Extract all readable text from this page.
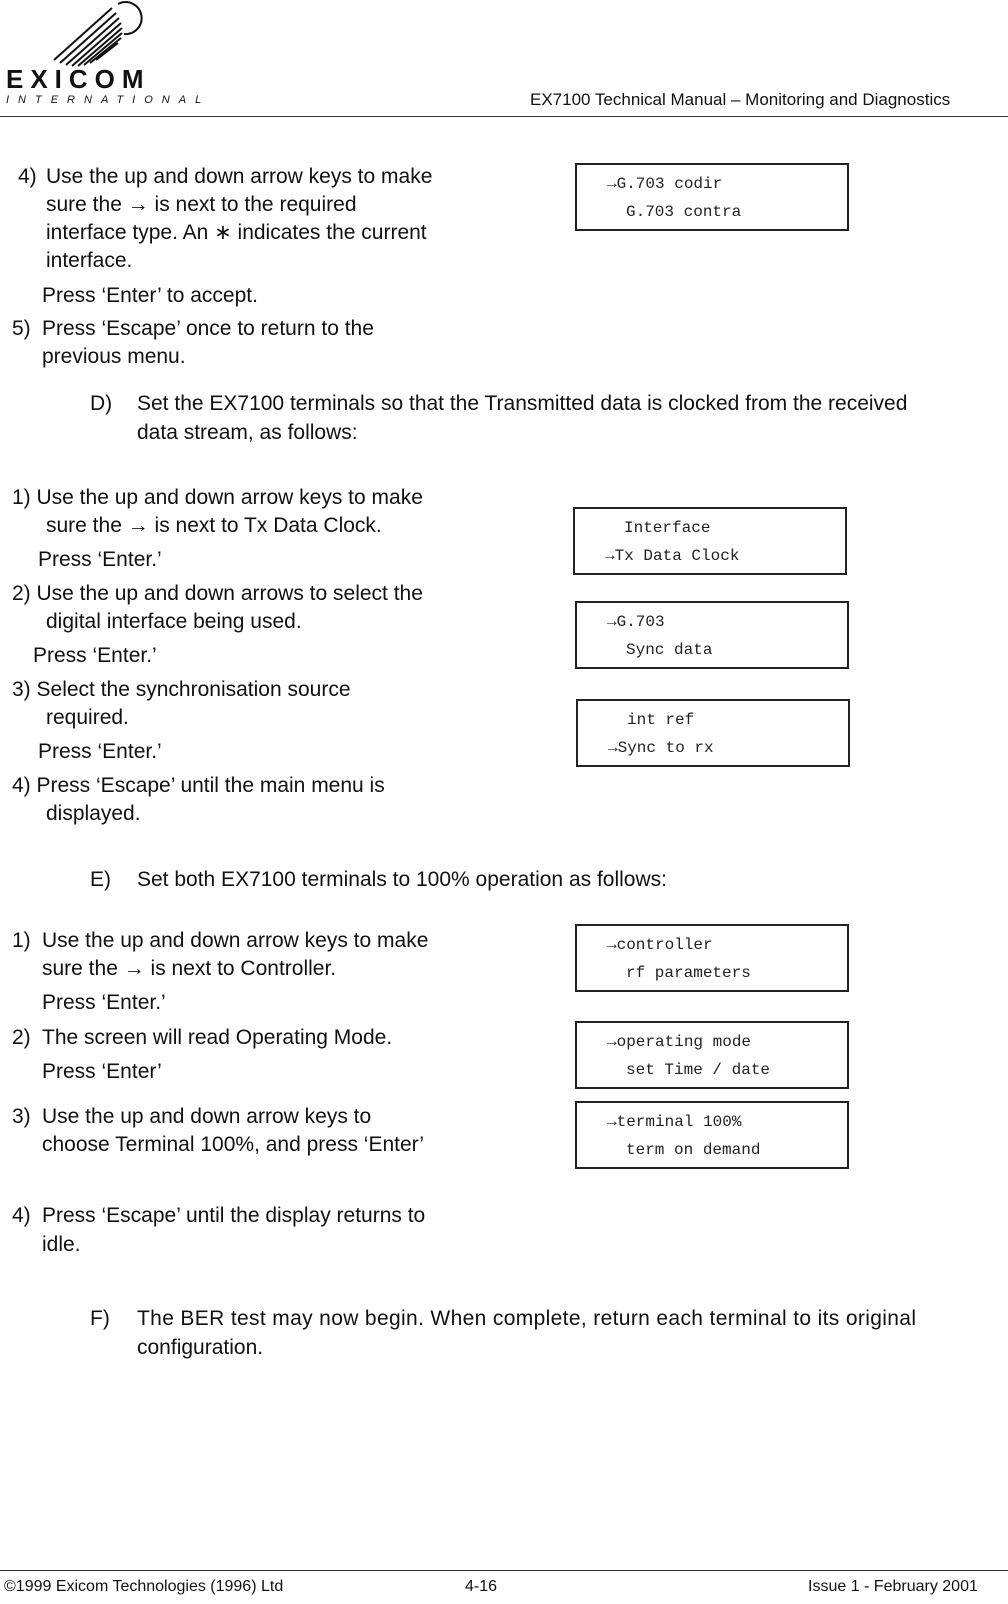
EXICOM
INTERNATIONAL	EX7100 Technical Manual – Monitoring and Diagnostics
4) Use the up and down arrow keys to make
sure the → is next to the required
interface type. An ∗ indicates the current
interface.
Press ‘Enter’ to accept.
5) Press ‘Escape’ once to return to the
previous menu.
→G.703 codir
G.703 contra
D) Set the EX7100 terminals so that the Transmitted data is clocked from the received
data stream, as follows:
1) Use the up and down arrow keys to make
sure the → is next to Tx Data Clock.
Press ‘Enter.’
2) Use the up and down arrows to select the
digital interface being used.
Press ‘Enter.’
3) Select the synchronisation source
required.
Press ‘Enter.’
4) Press ‘Escape’ until the main menu is
displayed.
Interface
→Tx Data Clock
→G.703
Sync data
int ref
→Sync to rx
E) Set both EX7100 terminals to 100% operation as follows:
1) Use the up and down arrow keys to make
sure the → is next to Controller.
Press ‘Enter.’
2) The screen will read Operating Mode.
Press ‘Enter’
3) Use the up and down arrow keys to
choose Terminal 100%, and press ‘Enter’
4) Press ‘Escape’ until the display returns to
idle.
→controller
rf parameters
→operating mode
set Time / date
→terminal 100%
term on demand
F) The BER test may now begin. When complete, return each terminal to its original
configuration.
©1999 Exicom Technologies (1996) Ltd	4-16	Issue 1 - February 2001
